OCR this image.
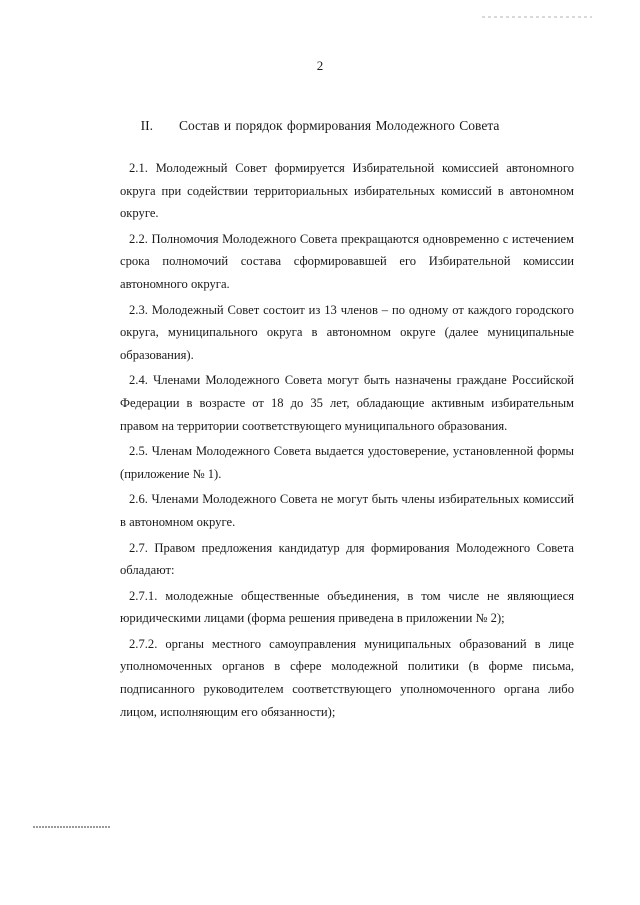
2
II. Состав и порядок формирования Молодежного Совета

2.1. Молодежный Совет формируется Избирательной комиссией автономного округа при содействии территориальных избирательных комиссий в автономном округе.

2.2. Полномочия Молодежного Совета прекращаются одновременно с истечением срока полномочий состава сформировавшей его Избирательной комиссии автономного округа.

2.3. Молодежный Совет состоит из 13 членов – по одному от каждого городского округа, муниципального округа в автономном округе (далее муниципальные образования).

2.4. Членами Молодежного Совета могут быть назначены граждане Российской Федерации в возрасте от 18 до 35 лет, обладающие активным избирательным правом на территории соответствующего муниципального образования.

2.5. Членам Молодежного Совета выдается удостоверение, установленной формы (приложение № 1).

2.6. Членами Молодежного Совета не могут быть члены избирательных комиссий в автономном округе.

2.7. Правом предложения кандидатур для формирования Молодежного Совета обладают:

2.7.1. молодежные общественные объединения, в том числе не являющиеся юридическими лицами (форма решения приведена в приложении № 2);

2.7.2. органы местного самоуправления муниципальных образований в лице уполномоченных органов в сфере молодежной политики (в форме письма, подписанного руководителем соответствующего уполномоченного органа либо лицом, исполняющим его обязанности);
